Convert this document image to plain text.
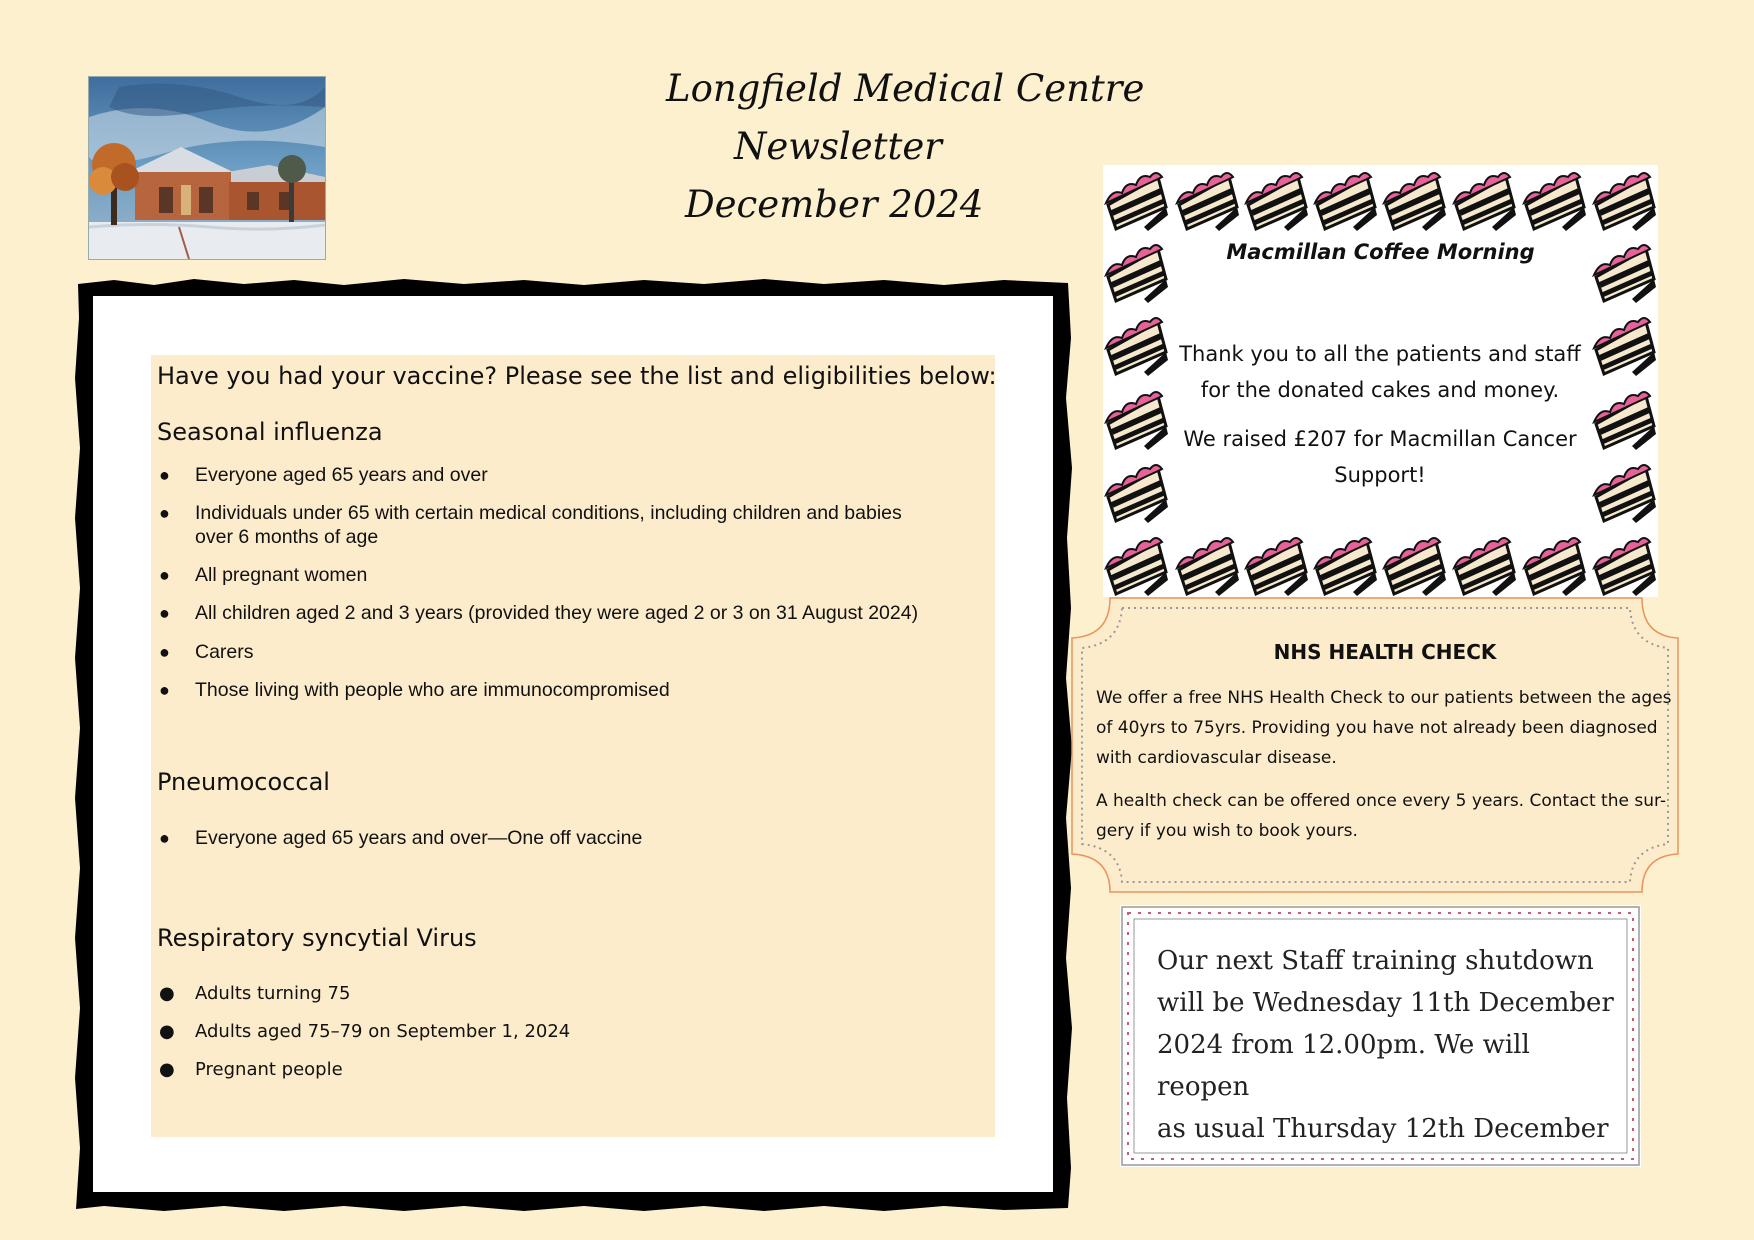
Longfield Medical Centre
Newsletter
December 2024
Have you had your vaccine? Please see the list and eligibilities below:
Seasonal influenza
● Everyone aged 65 years and over
● Individuals under 65 with certain medical conditions, including children and babies
over 6 months of age
● All pregnant women
● All children aged 2 and 3 years (provided they were aged 2 or 3 on 31 August 2024)
● Carers
● Those living with people who are immunocompromised
Pneumococcal
● Everyone aged 65 years and over—One off vaccine
Respiratory syncytial Virus
● Adults turning 75
● Adults aged 75–79 on September 1, 2024
● Pregnant people
Macmillan Coffee Morning
Thank you to all the patients and staff
for the donated cakes and money.
We raised £207 for Macmillan Cancer
Support!
NHS HEALTH CHECK
We offer a free NHS Health Check to our patients between the ages
of 40yrs to 75yrs. Providing you have not already been diagnosed
with cardiovascular disease.
A health check can be offered once every 5 years. Contact the sur-
gery if you wish to book yours.
Our next Staff training shutdown
will be Wednesday 11th December
2024 from 12.00pm. We will reopen
as usual Thursday 12th December
